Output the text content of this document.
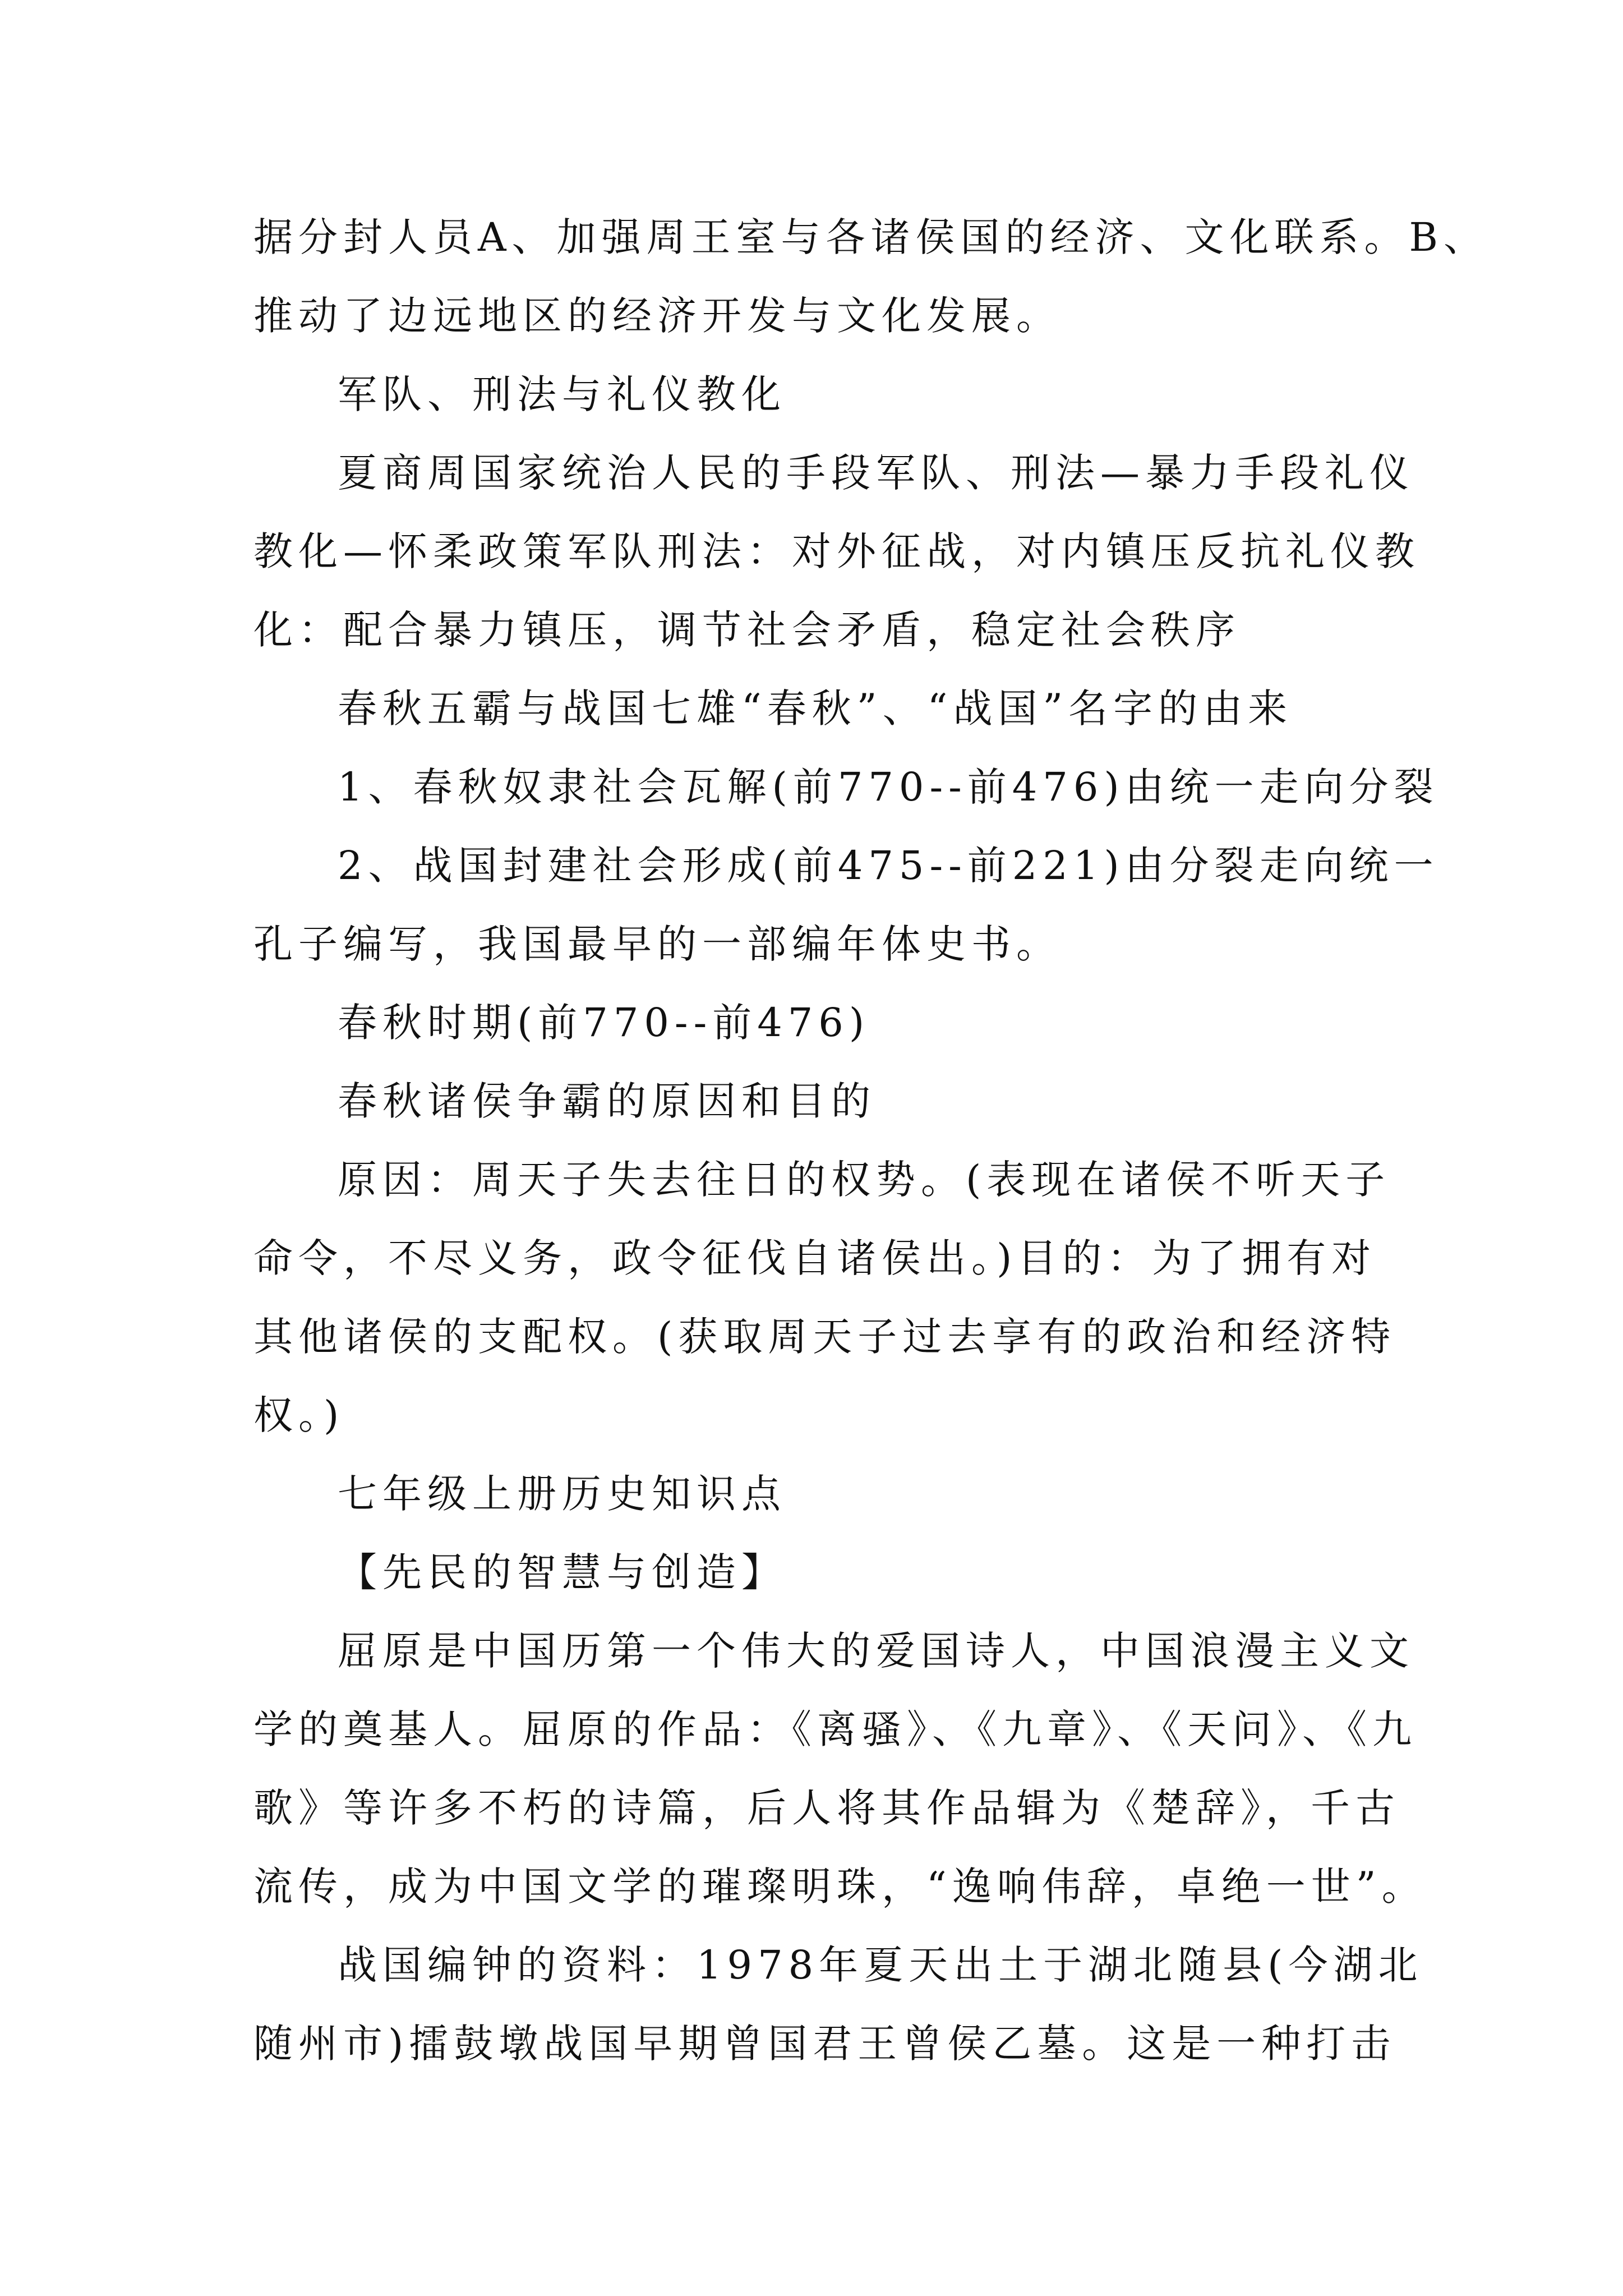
据分封人员A、加强周王室与各诸侯国的经济、文化联系。B、
推动了边远地区的经济开发与文化发展。
军队、刑法与礼仪教化
夏商周国家统治人民的手段军队、刑法—暴力手段礼仪
教化—怀柔政策军队刑法：对外征战，对内镇压反抗礼仪教
化：配合暴力镇压，调节社会矛盾，稳定社会秩序
春秋五霸与战国七雄“春秋”、“战国”名字的由来
1、春秋奴隶社会瓦解(前770--前476)由统一走向分裂
2、战国封建社会形成(前475--前221)由分裂走向统一
孔子编写，我国最早的一部编年体史书。
春秋时期(前770--前476)
春秋诸侯争霸的原因和目的
原因：周天子失去往日的权势。(表现在诸侯不听天子
命令，不尽义务，政令征伐自诸侯出。)目的：为了拥有对
其他诸侯的支配权。(获取周天子过去享有的政治和经济特
权。)
七年级上册历史知识点
【先民的智慧与创造】
屈原是中国历第一个伟大的爱国诗人，中国浪漫主义文
学的奠基人。屈原的作品：《离骚》、《九章》、《天问》、《九
歌》等许多不朽的诗篇，后人将其作品辑为《楚辞》，千古
流传，成为中国文学的璀璨明珠，“逸响伟辞，卓绝一世”。
战国编钟的资料：1978年夏天出土于湖北随县(今湖北
随州市)擂鼓墩战国早期曾国君王曾侯乙墓。这是一种打击
